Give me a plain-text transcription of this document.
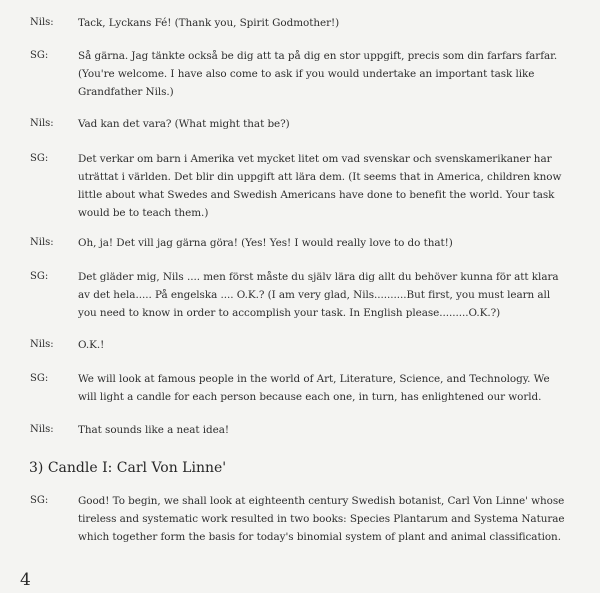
Nils:	Tack, Lyckans Fé! (Thank you, Spirit Godmother!)
SG:	Så gärna. Jag tänkte också be dig att ta på dig en stor uppgift, precis som din farfars farfar. (You're welcome. I have also come to ask if you would undertake an important task like Grandfather Nils.)
Nils:	Vad kan det vara? (What might that be?)
SG:	Det verkar om barn i Amerika vet mycket litet om vad svenskar och svenskamerikaner har uträttat i världen. Det blir din uppgift att lära dem. (It seems that in America, children know little about what Swedes and Swedish Americans have done to benefit the world. Your task would be to teach them.)
Nils:	Oh, ja! Det vill jag gärna göra! (Yes! Yes! I would really love to do that!)
SG:	Det gläder mig, Nils .... men först måste du själv lära dig allt du behöver kunna för att klara av det hela..... På engelska .... O.K.? (I am very glad, Nils..........But first, you must learn all you need to know in order to accomplish your task. In English please.........O.K.?)
Nils:	O.K.!
SG:	We will look at famous people in the world of Art, Literature, Science, and Technology. We will light a candle for each person because each one, in turn, has enlightened our world.
Nils:	That sounds like a neat idea!
3) Candle I: Carl Von Linne'
SG:	Good! To begin, we shall look at eighteenth century Swedish botanist, Carl Von Linne' whose tireless and systematic work resulted in two books: Species Plantarum and Systema Naturae which together form the basis for today's binomial system of plant and animal classification.
4
